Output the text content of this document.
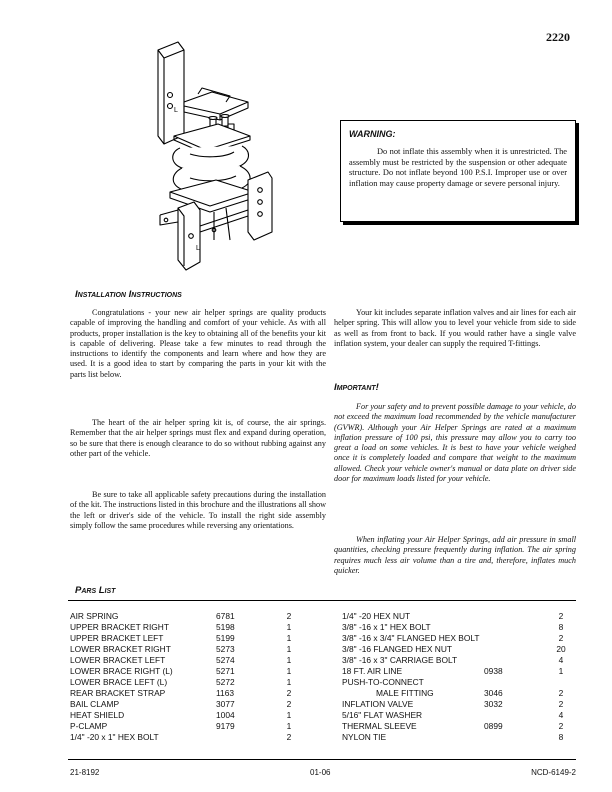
2220
L
L
WARNING:
Do not inflate this assembly when it is unrestricted. The assembly must be restricted by the suspension or other adequate structure. Do not inflate beyond 100 P.S.I. Improper use or over inflation may cause property damage or severe personal injury.
Installation Instructions

Congratulations - your new air helper springs are quality products capable of improving the handling and comfort of your vehicle. As with all products, proper installation is the key to obtaining all of the benefits your kit is capable of delivering. Please take a few minutes to read through the instructions to identify the components and learn where and how they are used. It is a good idea to start by comparing the parts in your kit with the parts list below.

The heart of the air helper spring kit is, of course, the air springs. Remember that the air helper springs must flex and expand during operation, so be sure that there is enough clearance to do so without rubbing against any other part of the vehicle.

Be sure to take all applicable safety precautions during the installation of the kit. The instructions listed in this brochure and the illustrations all show the left or driver's side of the vehicle. To install the right side assembly simply follow the same procedures while reversing any orientations.

Your kit includes separate inflation valves and air lines for each air helper spring. This will allow you to level your vehicle from side to side as well as from front to back. If you would rather have a single valve inflation system, your dealer can supply the required T-fittings.

Important!

For your safety and to prevent possible damage to your vehicle, do not exceed the maximum load recommended by the vehicle manufacturer (GVWR). Although your Air Helper Springs are rated at a maximum inflation pressure of 100 psi, this pressure may allow you to carry too great a load on some vehicles. It is best to have your vehicle weighed once it is completely loaded and compare that weight to the maximum allowed. Check your vehicle owner's manual or data plate on driver side door for maximum loads listed for your vehicle.

When inflating your Air Helper Springs, add air pressure in small quantities, checking pressure frequently during inflation. The air spring requires much less air volume than a tire and, therefore, inflates much quicker.

Pars List
AIR SPRING	6781	2
UPPER BRACKET RIGHT	5198	1
UPPER BRACKET LEFT	5199	1
LOWER BRACKET RIGHT	5273	1
LOWER BRACKET LEFT	5274	1
LOWER BRACE RIGHT (L)	5271	1
LOWER BRACE LEFT (L)	5272	1
REAR BRACKET STRAP	1163	2
BAIL CLAMP	3077	2
HEAT SHIELD	1004	1
P-CLAMP	9179	1
1/4" -20 x 1" HEX BOLT	2
1/4" -20 HEX NUT	2
3/8" -16 x 1" HEX BOLT	8
3/8" -16 x 3/4" FLANGED HEX BOLT	2
3/8" -16 FLANGED HEX NUT	20
3/8" -16 x 3" CARRIAGE BOLT	4
18 FT. AIR LINE	0938	1
PUSH-TO-CONNECT
MALE FITTING	3046	2
INFLATION VALVE	3032	2
5/16" FLAT WASHER	4
THERMAL SLEEVE	0899	2
NYLON TIE	8
21-8192	01-06	NCD-6149-2
